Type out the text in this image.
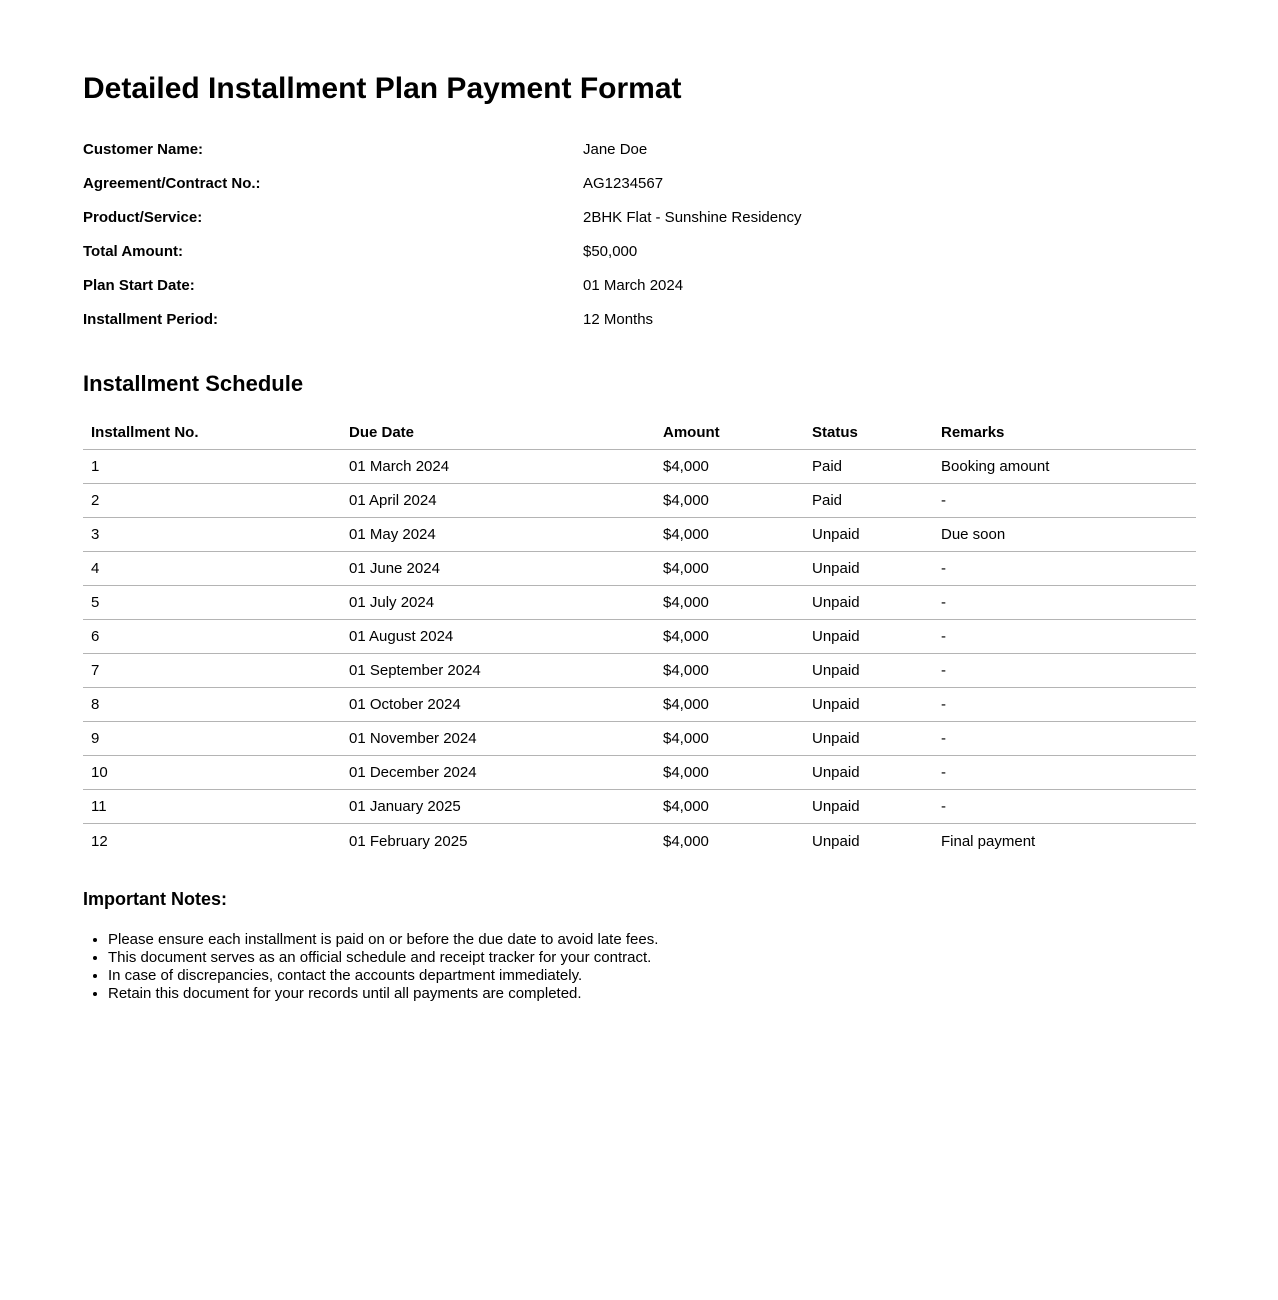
Detailed Installment Plan Payment Format
Customer Name:	Jane Doe
Agreement/Contract No.:	AG1234567
Product/Service:	2BHK Flat - Sunshine Residency
Total Amount:	$50,000
Plan Start Date:	01 March 2024
Installment Period:	12 Months
Installment Schedule
Installment No.	Due Date	Amount	Status	Remarks
1	01 March 2024	$4,000	Paid	Booking amount
2	01 April 2024	$4,000	Paid	-
3	01 May 2024	$4,000	Unpaid	Due soon
4	01 June 2024	$4,000	Unpaid	-
5	01 July 2024	$4,000	Unpaid	-
6	01 August 2024	$4,000	Unpaid	-
7	01 September 2024	$4,000	Unpaid	-
8	01 October 2024	$4,000	Unpaid	-
9	01 November 2024	$4,000	Unpaid	-
10	01 December 2024	$4,000	Unpaid	-
11	01 January 2025	$4,000	Unpaid	-
12	01 February 2025	$4,000	Unpaid	Final payment
Important Notes:
• Please ensure each installment is paid on or before the due date to avoid late fees.
• This document serves as an official schedule and receipt tracker for your contract.
• In case of discrepancies, contact the accounts department immediately.
• Retain this document for your records until all payments are completed.
